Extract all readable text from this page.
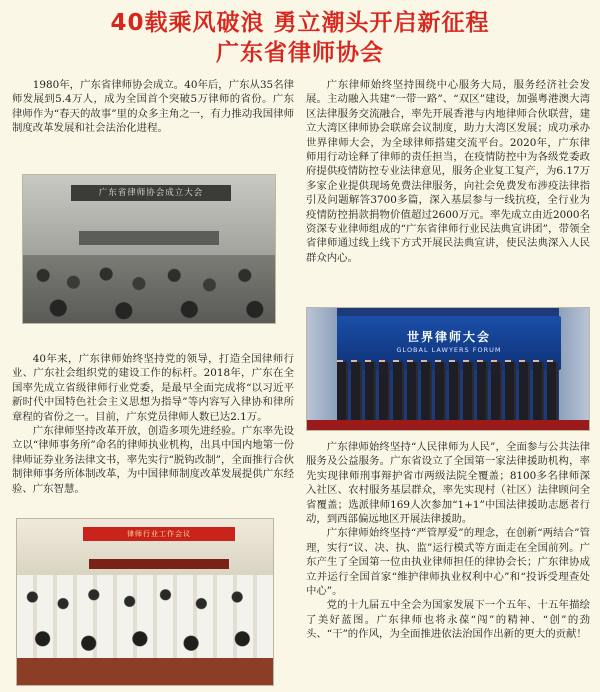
40载乘风破浪 勇立潮头开启新征程
广东省律师协会

1980年，广东省律师协会成立。40年后，广东从35名律师发展到5.4万人，成为全国首个突破5万律师的省份。广东律师作为“春天的故事”里的众多主角之一，有力推动我国律师制度改革发展和社会法治化进程。

广东省律师协会成立大会

40年来，广东律师始终坚持党的领导，打造全国律师行业、广东社会组织党的建设工作的标杆。2018年，广东在全国率先成立省级律师行业党委，是最早全面完成将“以习近平新时代中国特色社会主义思想为指导”等内容写入律协和律所章程的省份之一。目前，广东党员律师人数已达2.1万。

广东律师坚持改革开放，创造多项先进经验。广东率先设立以“律师事务所”命名的律师执业机构，出具中国内地第一份律师证券业务法律文书，率先实行“脱钩改制”，全面推行合伙制律师事务所体制改革，为中国律师制度改革发展提供广东经验、广东智慧。

律师行业工作会议

广东律师始终坚持围绕中心服务大局，服务经济社会发展。主动融入共建“一带一路”、“双区”建设，加强粤港澳大湾区法律服务交流融合，率先开展香港与内地律师合伙联营，建立大湾区律师协会联席会议制度，助力大湾区发展；成功承办世界律师大会，为全球律师搭建交流平台。2020年，广东律师用行动诠释了律师的责任担当，在疫情防控中为各级党委政府提供疫情防控专业法律意见，服务企业复工复产，为6.17万多家企业提供现场免费法律服务，向社会免费发布涉疫法律指引及问题解答3700多篇，深入基层参与一线抗疫，全行业为疫情防控捐款捐物价值超过2600万元。率先成立由近2000名资深专业律师组成的“广东省律师行业民法典宣讲团”，带领全省律师通过线上线下方式开展民法典宣讲，使民法典深入人民群众内心。

世界律师大会
GLOBAL LAWYERS FORUM

广东律师始终坚持“人民律师为人民”，全面参与公共法律服务及公益服务。广东省设立了全国第一家法律援助机构，率先实现律师刑事辩护省市两级法院全覆盖；8100多名律师深入社区、农村服务基层群众，率先实现村（社区）法律顾问全省覆盖；选派律师169人次参加“1+1”中国法律援助志愿者行动，到西部偏远地区开展法律援助。

广东律师始终坚持“严管厚爱”的理念，在创新“两结合”管理，实行“议、决、执、监”运行模式等方面走在全国前列。广东产生了全国第一位由执业律师担任的律协会长；广东律协成立并运行全国首家“维护律师执业权利中心”和“投诉受理查处中心”。

党的十九届五中全会为国家发展下一个五年、十五年描绘了美好蓝图。广东律师也将永葆“闯”的精神、“创”的劲头、“干”的作风，为全面推进依法治国作出新的更大的贡献！
